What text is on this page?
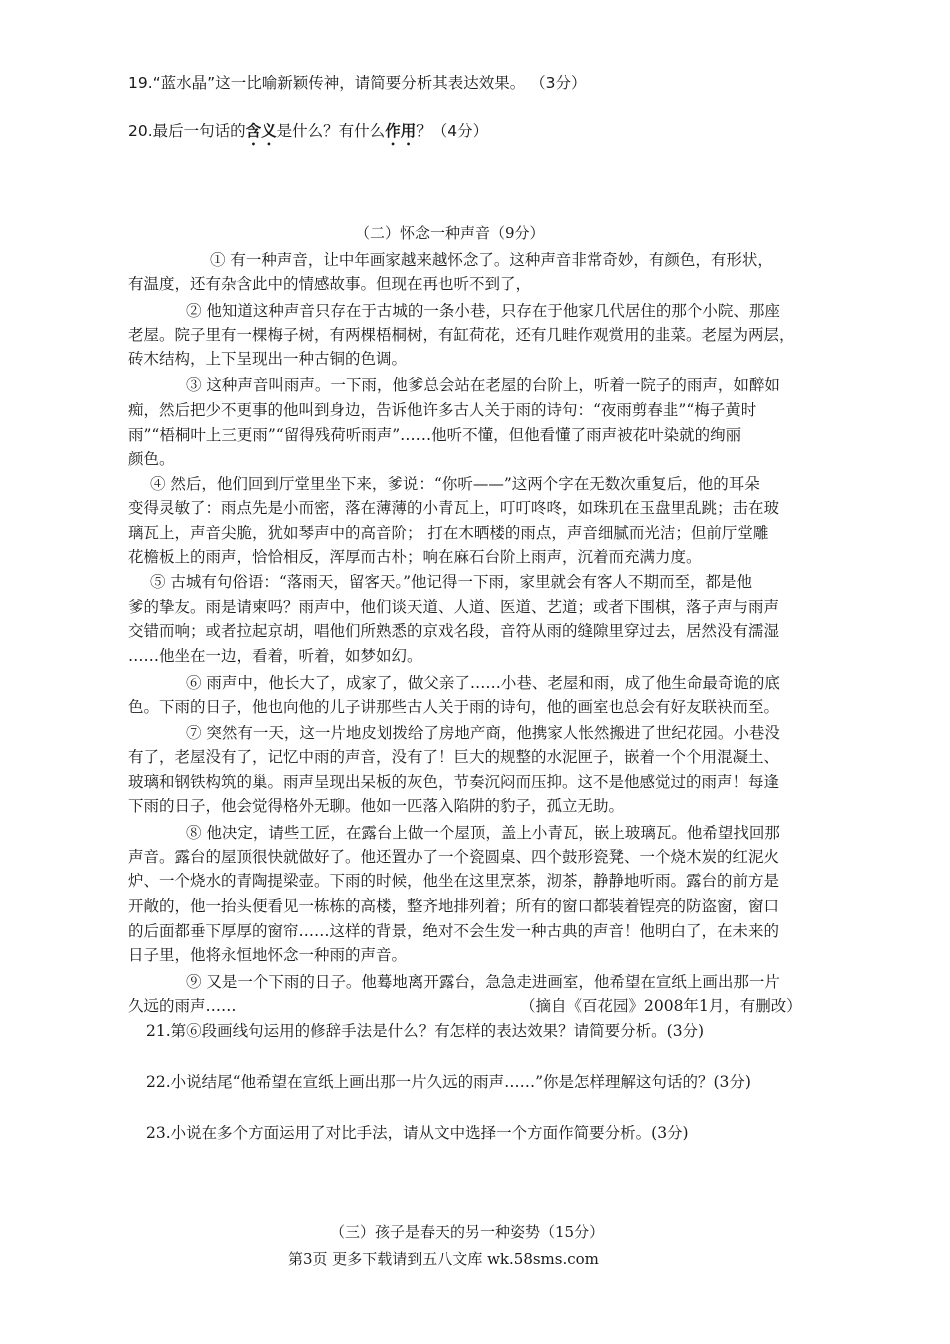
19.“蓝水晶”这一比喻新颖传神，请简要分析其表达效果。 （3分）
20.最后一句话的含义是什么？有什么作用？（4分）
（二）怀念一种声音（9分）
① 有一种声音，让中年画家越来越怀念了。这种声音非常奇妙，有颜色，有形状，
有温度，还有杂含此中的情感故事。但现在再也听不到了，
② 他知道这种声音只存在于古城的一条小巷，只存在于他家几代居住的那个小院、那座
老屋。院子里有一棵梅子树，有两棵梧桐树，有缸荷花，还有几畦作观赏用的韭菜。老屋为两层，
砖木结构，上下呈现出一种古铜的色调。
③ 这种声音叫雨声。一下雨，他爹总会站在老屋的台阶上，听着一院子的雨声，如醉如
痴，然后把少不更事的他叫到身边，告诉他许多古人关于雨的诗句：“夜雨剪春韭”“梅子黄时
雨”“梧桐叶上三更雨”“留得残荷听雨声”……他听不懂，但他看懂了雨声被花叶染就的绚丽
颜色。
④ 然后，他们回到厅堂里坐下来，爹说：“你听——”这两个字在无数次重复后，他的耳朵
变得灵敏了：雨点先是小而密，落在薄薄的小青瓦上，叮叮咚咚，如珠玑在玉盘里乱跳；击在玻
璃瓦上，声音尖脆，犹如琴声中的高音阶； 打在木晒楼的雨点，声音细腻而光洁；但前厅堂雕
花檐板上的雨声，恰恰相反，浑厚而古朴；响在麻石台阶上雨声，沉着而充满力度。
⑤ 古城有句俗语：“落雨天，留客天。”他记得一下雨，家里就会有客人不期而至，都是他
爹的挚友。雨是请柬吗？雨声中，他们谈天道、人道、医道、艺道；或者下围棋，落子声与雨声
交错而响；或者拉起京胡，唱他们所熟悉的京戏名段，音符从雨的缝隙里穿过去，居然没有濡湿
……他坐在一边，看着，听着，如梦如幻。
⑥ 雨声中，他长大了，成家了，做父亲了……小巷、老屋和雨，成了他生命最奇诡的底
色。下雨的日子，他也向他的儿子讲那些古人关于雨的诗句，他的画室也总会有好友联袂而至。
⑦ 突然有一天，这一片地皮划拨给了房地产商，他携家人怅然搬进了世纪花园。小巷没
有了，老屋没有了，记忆中雨的声音，没有了！巨大的规整的水泥匣子，嵌着一个个用混凝土、
玻璃和钢铁构筑的巢。雨声呈现出呆板的灰色，节奏沉闷而压抑。这不是他感觉过的雨声！每逢
下雨的日子，他会觉得格外无聊。他如一匹落入陷阱的豹子，孤立无助。
⑧ 他决定，请些工匠，在露台上做一个屋顶，盖上小青瓦，嵌上玻璃瓦。他希望找回那
声音。露台的屋顶很快就做好了。他还置办了一个瓷圆桌、四个鼓形瓷凳、一个烧木炭的红泥火
炉、一个烧水的青陶提梁壶。下雨的时候，他坐在这里烹茶，沏茶，静静地听雨。露台的前方是
开敞的，他一抬头便看见一栋栋的高楼，整齐地排列着；所有的窗口都装着锃亮的防盗窗，窗口
的后面都垂下厚厚的窗帘……这样的背景，绝对不会生发一种古典的声音！他明白了，在未来的
日子里，他将永恒地怀念一种雨的声音。
⑨ 又是一个下雨的日子。他蓦地离开露台，急急走进画室，他希望在宣纸上画出那一片
久远的雨声……	（摘自《百花园》2008年1月，有删改）
21.第⑥段画线句运用的修辞手法是什么？有怎样的表达效果？请简要分析。(3分)
22.小说结尾“他希望在宣纸上画出那一片久远的雨声……”你是怎样理解这句话的？(3分)
23.小说在多个方面运用了对比手法，请从文中选择一个方面作简要分析。(3分)
（三）孩子是春天的另一种姿势（15分）
第3页 更多下载请到五八文库 wk.58sms.com
